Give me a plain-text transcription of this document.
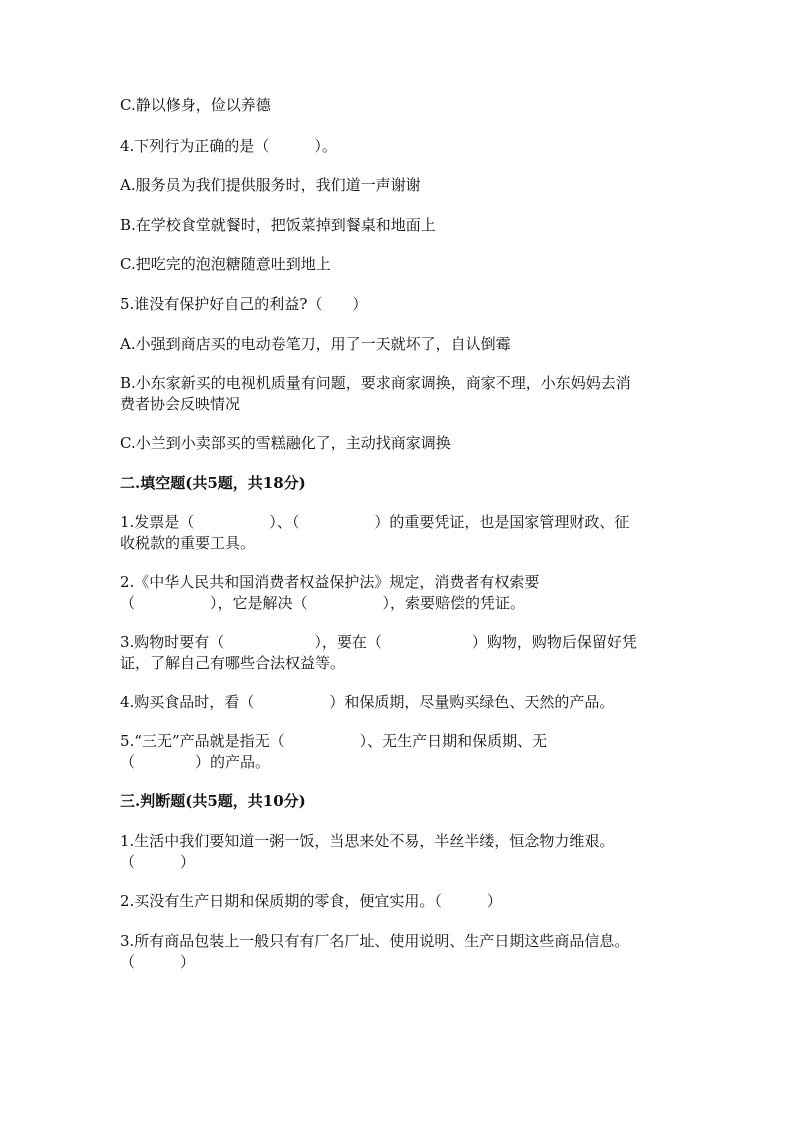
C.静以修身，俭以养德
4.下列行为正确的是（　　　）。
A.服务员为我们提供服务时，我们道一声谢谢
B.在学校食堂就餐时，把饭菜掉到餐桌和地面上
C.把吃完的泡泡糖随意吐到地上
5.谁没有保护好自己的利益?（　　）
A.小强到商店买的电动卷笔刀，用了一天就坏了，自认倒霉
B.小东家新买的电视机质量有问题，要求商家调换，商家不理，小东妈妈去消
费者协会反映情况
C.小兰到小卖部买的雪糕融化了，主动找商家调换
二.填空题(共5题，共18分)
1.发票是（　　　　　）、（　　　　　）的重要凭证，也是国家管理财政、征
收税款的重要工具。
2.《中华人民共和国消费者权益保护法》规定，消费者有权索要
（　　　　　），它是解决（　　　　　），索要赔偿的凭证。
3.购物时要有（　　　　　　），要在（　　　　　　）购物，购物后保留好凭
证，了解自己有哪些合法权益等。
4.购买食品时，看（　　　　　）和保质期，尽量购买绿色、天然的产品。
5.“三无”产品就是指无（　　　　　）、无生产日期和保质期、无
（　　　　）的产品。
三.判断题(共5题，共10分)
1.生活中我们要知道一粥一饭，当思来处不易，半丝半缕，恒念物力维艰。
（　　　）
2.买没有生产日期和保质期的零食，便宜实用。（　　　）
3.所有商品包装上一般只有有厂名厂址、使用说明、生产日期这些商品信息。
（　　　）
